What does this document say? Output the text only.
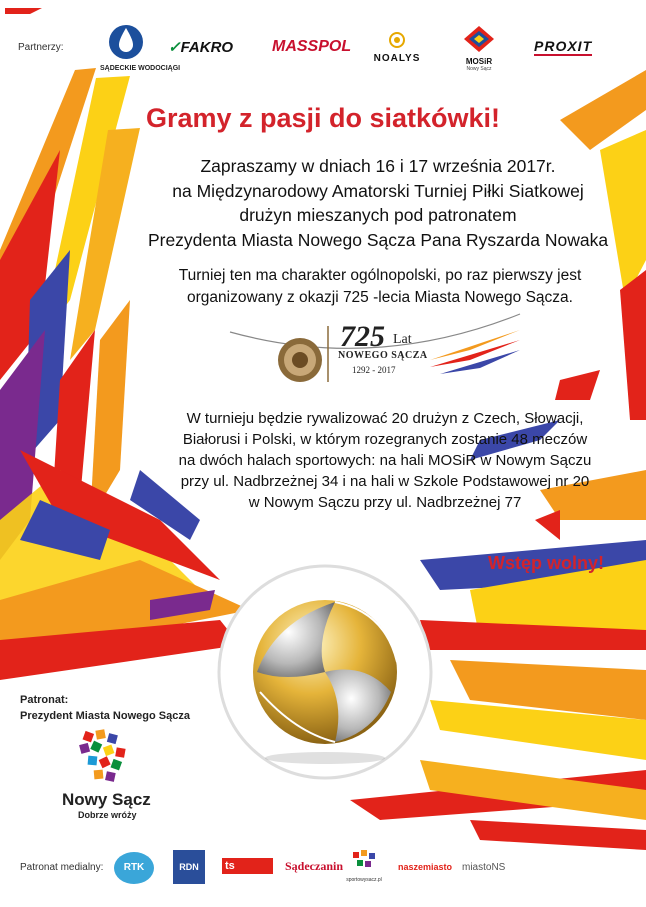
Partnerzy:
SĄDECKIE WODOCIĄGI
✓FAKRO MASSPOL
NOALYS	MOSiR
Nowy Sącz
PROXIT
Gramy z pasji do siatkówki!
Zapraszamy w dniach 16 i 17 września 2017r.
na Międzynarodowy Amatorski Turniej Piłki Siatkowej
drużyn mieszanych pod patronatem
Prezydenta Miasta Nowego Sącza Pana Ryszarda Nowaka
Turniej ten ma charakter ogólnopolski, po raz pierwszy jest
organizowany z okazji 725 -lecia Miasta Nowego Sącza.
725 Lat
NOWEGO SĄCZA
1292 - 2017
W turnieju będzie rywalizować 20 drużyn z Czech, Słowacji,
Białorusi i Polski, w którym rozegranych zostanie 48 meczów
na dwóch halach sportowych: na hali MOSiR w Nowym Sączu
przy ul. Nadbrzeżnej 34 i na hali w Szkole Podstawowej nr 20
w Nowym Sączu przy ul. Nadbrzeżnej 77
Wstęp wolny!
Patronat:
Prezydent Miasta Nowego Sącza
Nowy Sącz
Dobrze wróży
Patronat medialny:	RTK	RDN	ts	Sądeczanin
sportowysacz.pl
naszemiasto miastoNS
